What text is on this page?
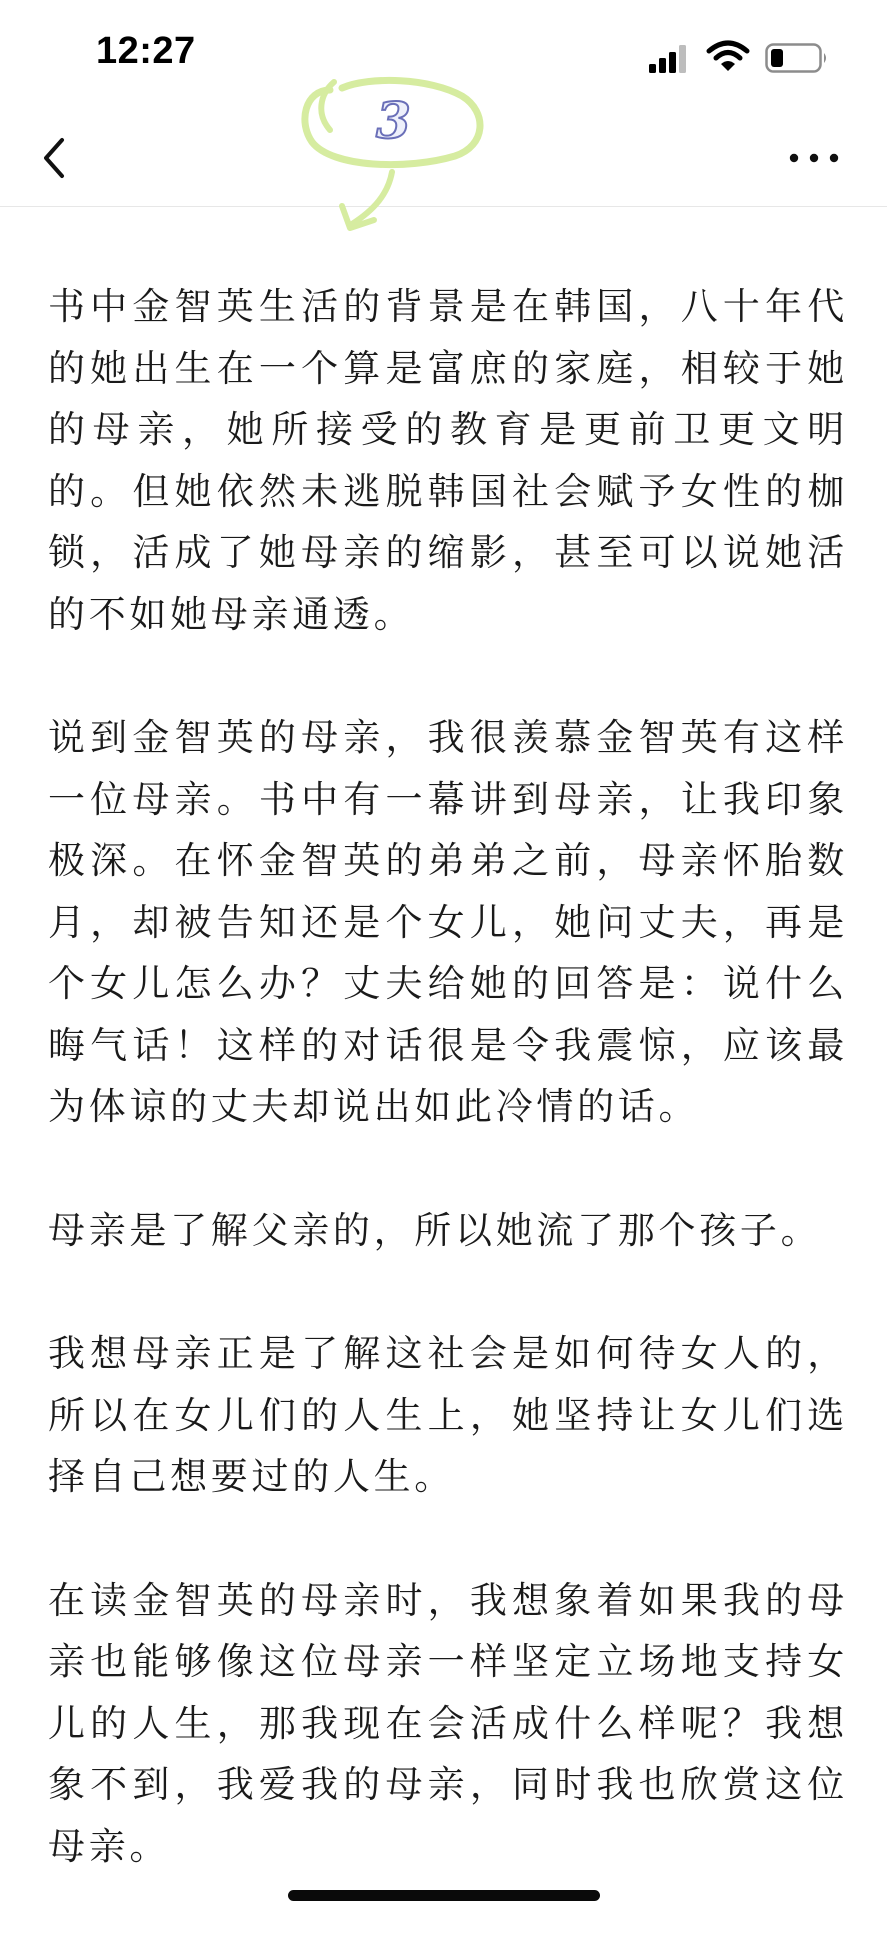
12:27
3

书中金智英生活的背景是在韩国，八十年代的她出生在一个算是富庶的家庭，相较于她的母亲，她所接受的教育是更前卫更文明的。但她依然未逃脱韩国社会赋予女性的枷锁，活成了她母亲的缩影，甚至可以说她活的不如她母亲通透。

说到金智英的母亲，我很羡慕金智英有这样一位母亲。书中有一幕讲到母亲，让我印象极深。在怀金智英的弟弟之前，母亲怀胎数月，却被告知还是个女儿，她问丈夫，再是个女儿怎么办？丈夫给她的回答是：说什么晦气话！这样的对话很是令我震惊，应该最为体谅的丈夫却说出如此冷情的话。

母亲是了解父亲的，所以她流了那个孩子。

我想母亲正是了解这社会是如何待女人的，所以在女儿们的人生上，她坚持让女儿们选择自己想要过的人生。

在读金智英的母亲时，我想象着如果我的母亲也能够像这位母亲一样坚定立场地支持女儿的人生，那我现在会活成什么样呢？我想象不到，我爱我的母亲，同时我也欣赏这位母亲。
